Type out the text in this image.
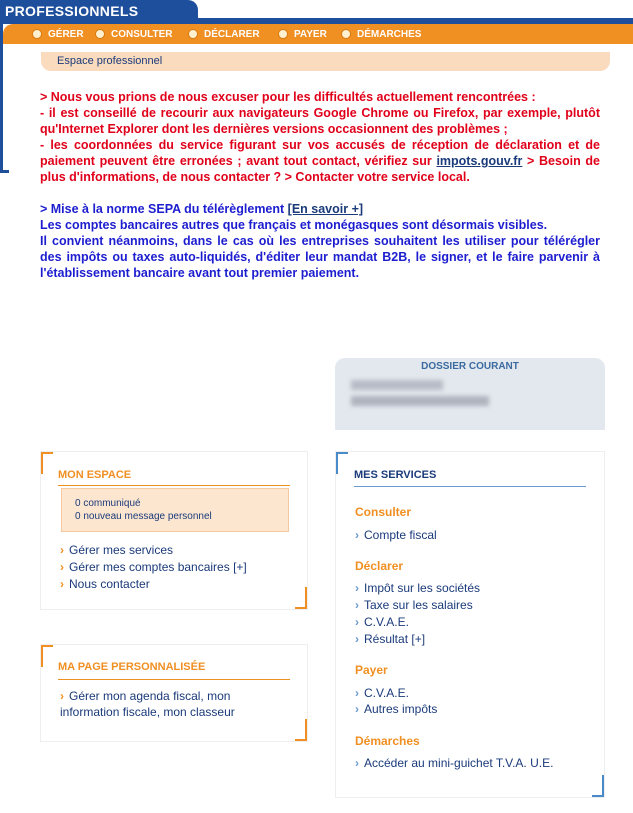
PROFESSIONNELS
GÉRER	CONSULTER	DÉCLARER	PAYER	DÉMARCHES
Espace professionnel

> Nous vous prions de nous excuser pour les difficultés actuellement rencontrées :

- il est conseillé de recourir aux navigateurs Google Chrome ou Firefox, par exemple, plutôt qu'Internet Explorer dont les dernières versions occasionnent des problèmes ;

- les coordonnées du service figurant sur vos accusés de réception de déclaration et de paiement peuvent être erronées ; avant tout contact, vérifiez sur impots.gouv.fr > Besoin de plus d'informations, de nous contacter ? > Contacter votre service local.

> Mise à la norme SEPA du télérèglement [En savoir +]

Les comptes bancaires autres que français et monégasques sont désormais visibles.

Il convient néanmoins, dans le cas où les entreprises souhaitent les utiliser pour télérégler des impôts ou taxes auto-liquidés, d'éditer leur mandat B2B, le signer, et le faire parvenir à l'établissement bancaire avant tout premier paiement.

DOSSIER COURANT
MON ESPACE
0 communiqué
0 nouveau message personnel
› Gérer mes services
› Gérer mes comptes bancaires [+]
› Nous contacter
MA PAGE PERSONNALISÉE
› Gérer mon agenda fiscal, mon
information fiscale, mon classeur
MES SERVICES
Consulter
› Compte fiscal
Déclarer
› Impôt sur les sociétés
› Taxe sur les salaires
› C.V.A.E.
› Résultat [+]
Payer
› C.V.A.E.
› Autres impôts
Démarches
› Accéder au mini-guichet T.V.A. U.E.
